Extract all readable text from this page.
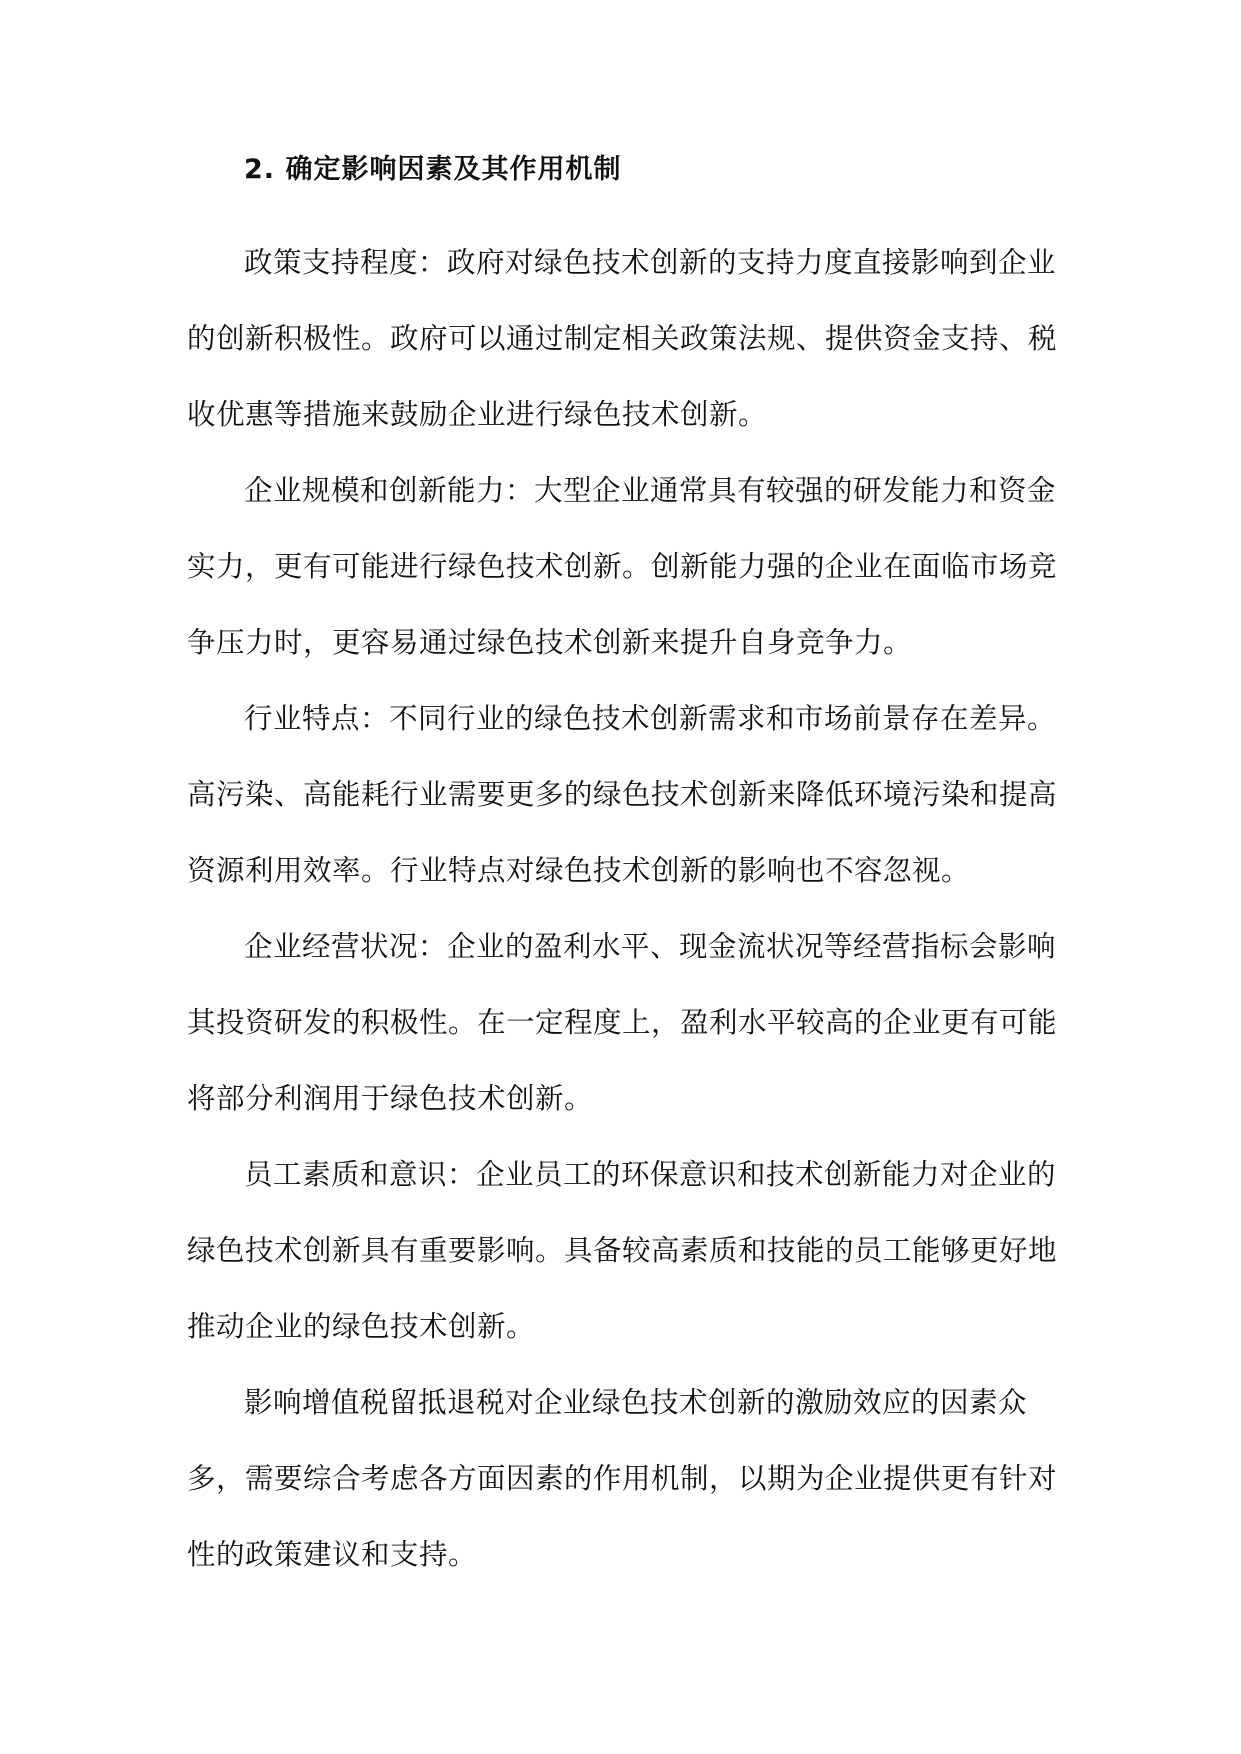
2. 确定影响因素及其作用机制
政策支持程度：政府对绿色技术创新的支持力度直接影响到企业
的创新积极性。政府可以通过制定相关政策法规、提供资金支持、税
收优惠等措施来鼓励企业进行绿色技术创新。
企业规模和创新能力：大型企业通常具有较强的研发能力和资金
实力，更有可能进行绿色技术创新。创新能力强的企业在面临市场竞
争压力时，更容易通过绿色技术创新来提升自身竞争力。
行业特点：不同行业的绿色技术创新需求和市场前景存在差异。
高污染、高能耗行业需要更多的绿色技术创新来降低环境污染和提高
资源利用效率。行业特点对绿色技术创新的影响也不容忽视。
企业经营状况：企业的盈利水平、现金流状况等经营指标会影响
其投资研发的积极性。在一定程度上，盈利水平较高的企业更有可能
将部分利润用于绿色技术创新。
员工素质和意识：企业员工的环保意识和技术创新能力对企业的
绿色技术创新具有重要影响。具备较高素质和技能的员工能够更好地
推动企业的绿色技术创新。
影响增值税留抵退税对企业绿色技术创新的激励效应的因素众
多，需要综合考虑各方面因素的作用机制，以期为企业提供更有针对
性的政策建议和支持。
